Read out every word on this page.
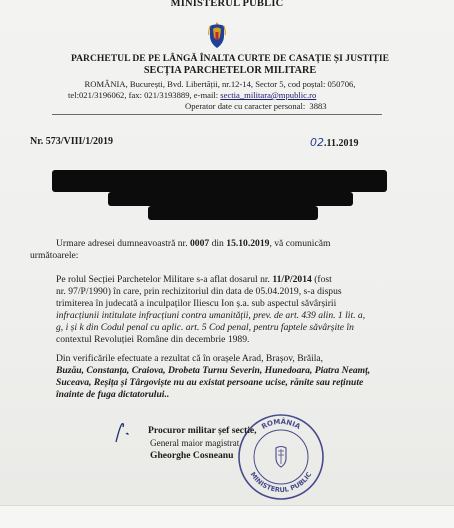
MINISTERUL PUBLIC
PARCHETUL DE PE LÂNGĂ ÎNALTA CURTE DE CASAȚIE ȘI JUSTIȚIE
SECȚIA PARCHETELOR MILITARE
ROMÂNIA, București, Bvd. Libertății, nr.12-14, Sector 5, cod poștal: 050706,
tel:021/3196062, fax: 021/3193889, e-mail: sectia_militara@mpublic.ro
Operator date cu caracter personal: 3883
Nr. 573/VIII/1/2019	02.11.2019
Urmare adresei dumneavoastră nr. 0007 din 15.10.2019, vă comunicăm
următoarele:
Pe rolul Secției Parchetelor Militare s-a aflat dosarul nr. 11/P/2014 (fost
nr. 97/P/1990) în care, prin rechizitoriul din data de 05.04.2019, s-a dispus
trimiterea în judecată a inculpaților Iliescu Ion ș.a. sub aspectul săvârșirii
infracțiunii intitulate infracțiuni contra umanității, prev. de art. 439 alin. 1 lit. a,
g, i și k din Codul penal cu aplic. art. 5 Cod penal, pentru faptele săvârșite în
contextul Revoluției Române din decembrie 1989.
Din verificările efectuate a rezultat că în orașele Arad, Brașov, Brăila,
Buzău, Constanța, Craiova, Drobeta Turnu Severin, Hunedoara, Piatra Neamț,
Suceava, Reșița și Târgoviște nu au existat persoane ucise, rănite sau reținute
înainte de fuga dictatorului..
Procuror militar șef secție,
General maior magistrat
Gheorghe Cosneanu
ROMÂNIA
MINISTERUL PUBLIC
